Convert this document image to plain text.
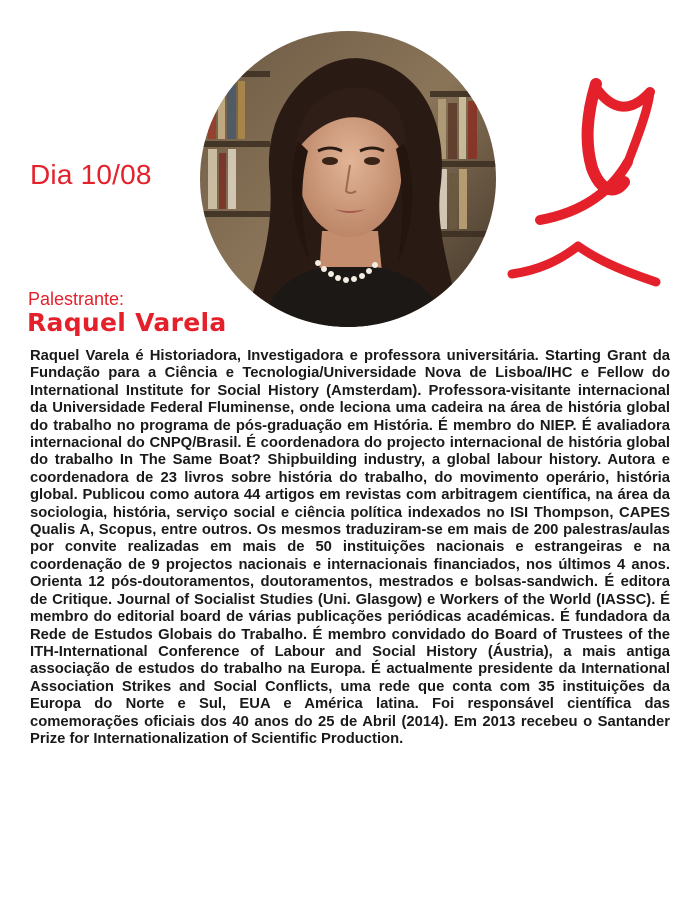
Dia 10/08
Palestrante:
Raquel Varela

Raquel Varela é Historiadora, Investigadora e professora universitária. Starting Grant da Fundação para a Ciência e Tecnologia/Universidade Nova de Lisboa/IHC e Fellow do International Institute for Social History (Amsterdam). Professora-visitante internacional da Universidade Federal Fluminense, onde leciona uma cadeira na área de história global do trabalho no programa de pós-graduação em História. É membro do NIEP. É avaliadora internacional do CNPQ/Brasil. É coordenadora do projecto internacional de história global do trabalho In The Same Boat? Shipbuilding industry, a global labour history. Autora e coordenadora de 23 livros sobre história do trabalho, do movimento operário, história global. Publicou como autora 44 artigos em revistas com arbitragem científica, na área da sociologia, história, serviço social e ciência política indexados no ISI Thompson, CAPES Qualis A, Scopus, entre outros. Os mesmos traduziram-se em mais de 200 palestras/aulas por convite realizadas em mais de 50 instituições nacionais e estrangeiras e na coordenação de 9 projectos nacionais e internacionais financiados, nos últimos 4 anos. Orienta 12 pós-doutoramentos, doutoramentos, mestrados e bolsas-sandwich. É editora de Critique. Journal of Socialist Studies (Uni. Glasgow) e Workers of the World (IASSC). É membro do editorial board de várias publicações periódicas académicas. É fundadora da Rede de Estudos Globais do Trabalho. É membro convidado do Board of Trustees of the ITH-International Conference of Labour and Social History (Áustria), a mais antiga associação de estudos do trabalho na Europa. É actualmente presidente da International Association Strikes and Social Conflicts, uma rede que conta com 35 instituições da Europa do Norte e Sul, EUA e América latina. Foi responsável científica das comemorações oficiais dos 40 anos do 25 de Abril (2014). Em 2013 recebeu o Santander Prize for Internationalization of Scientific Production.
